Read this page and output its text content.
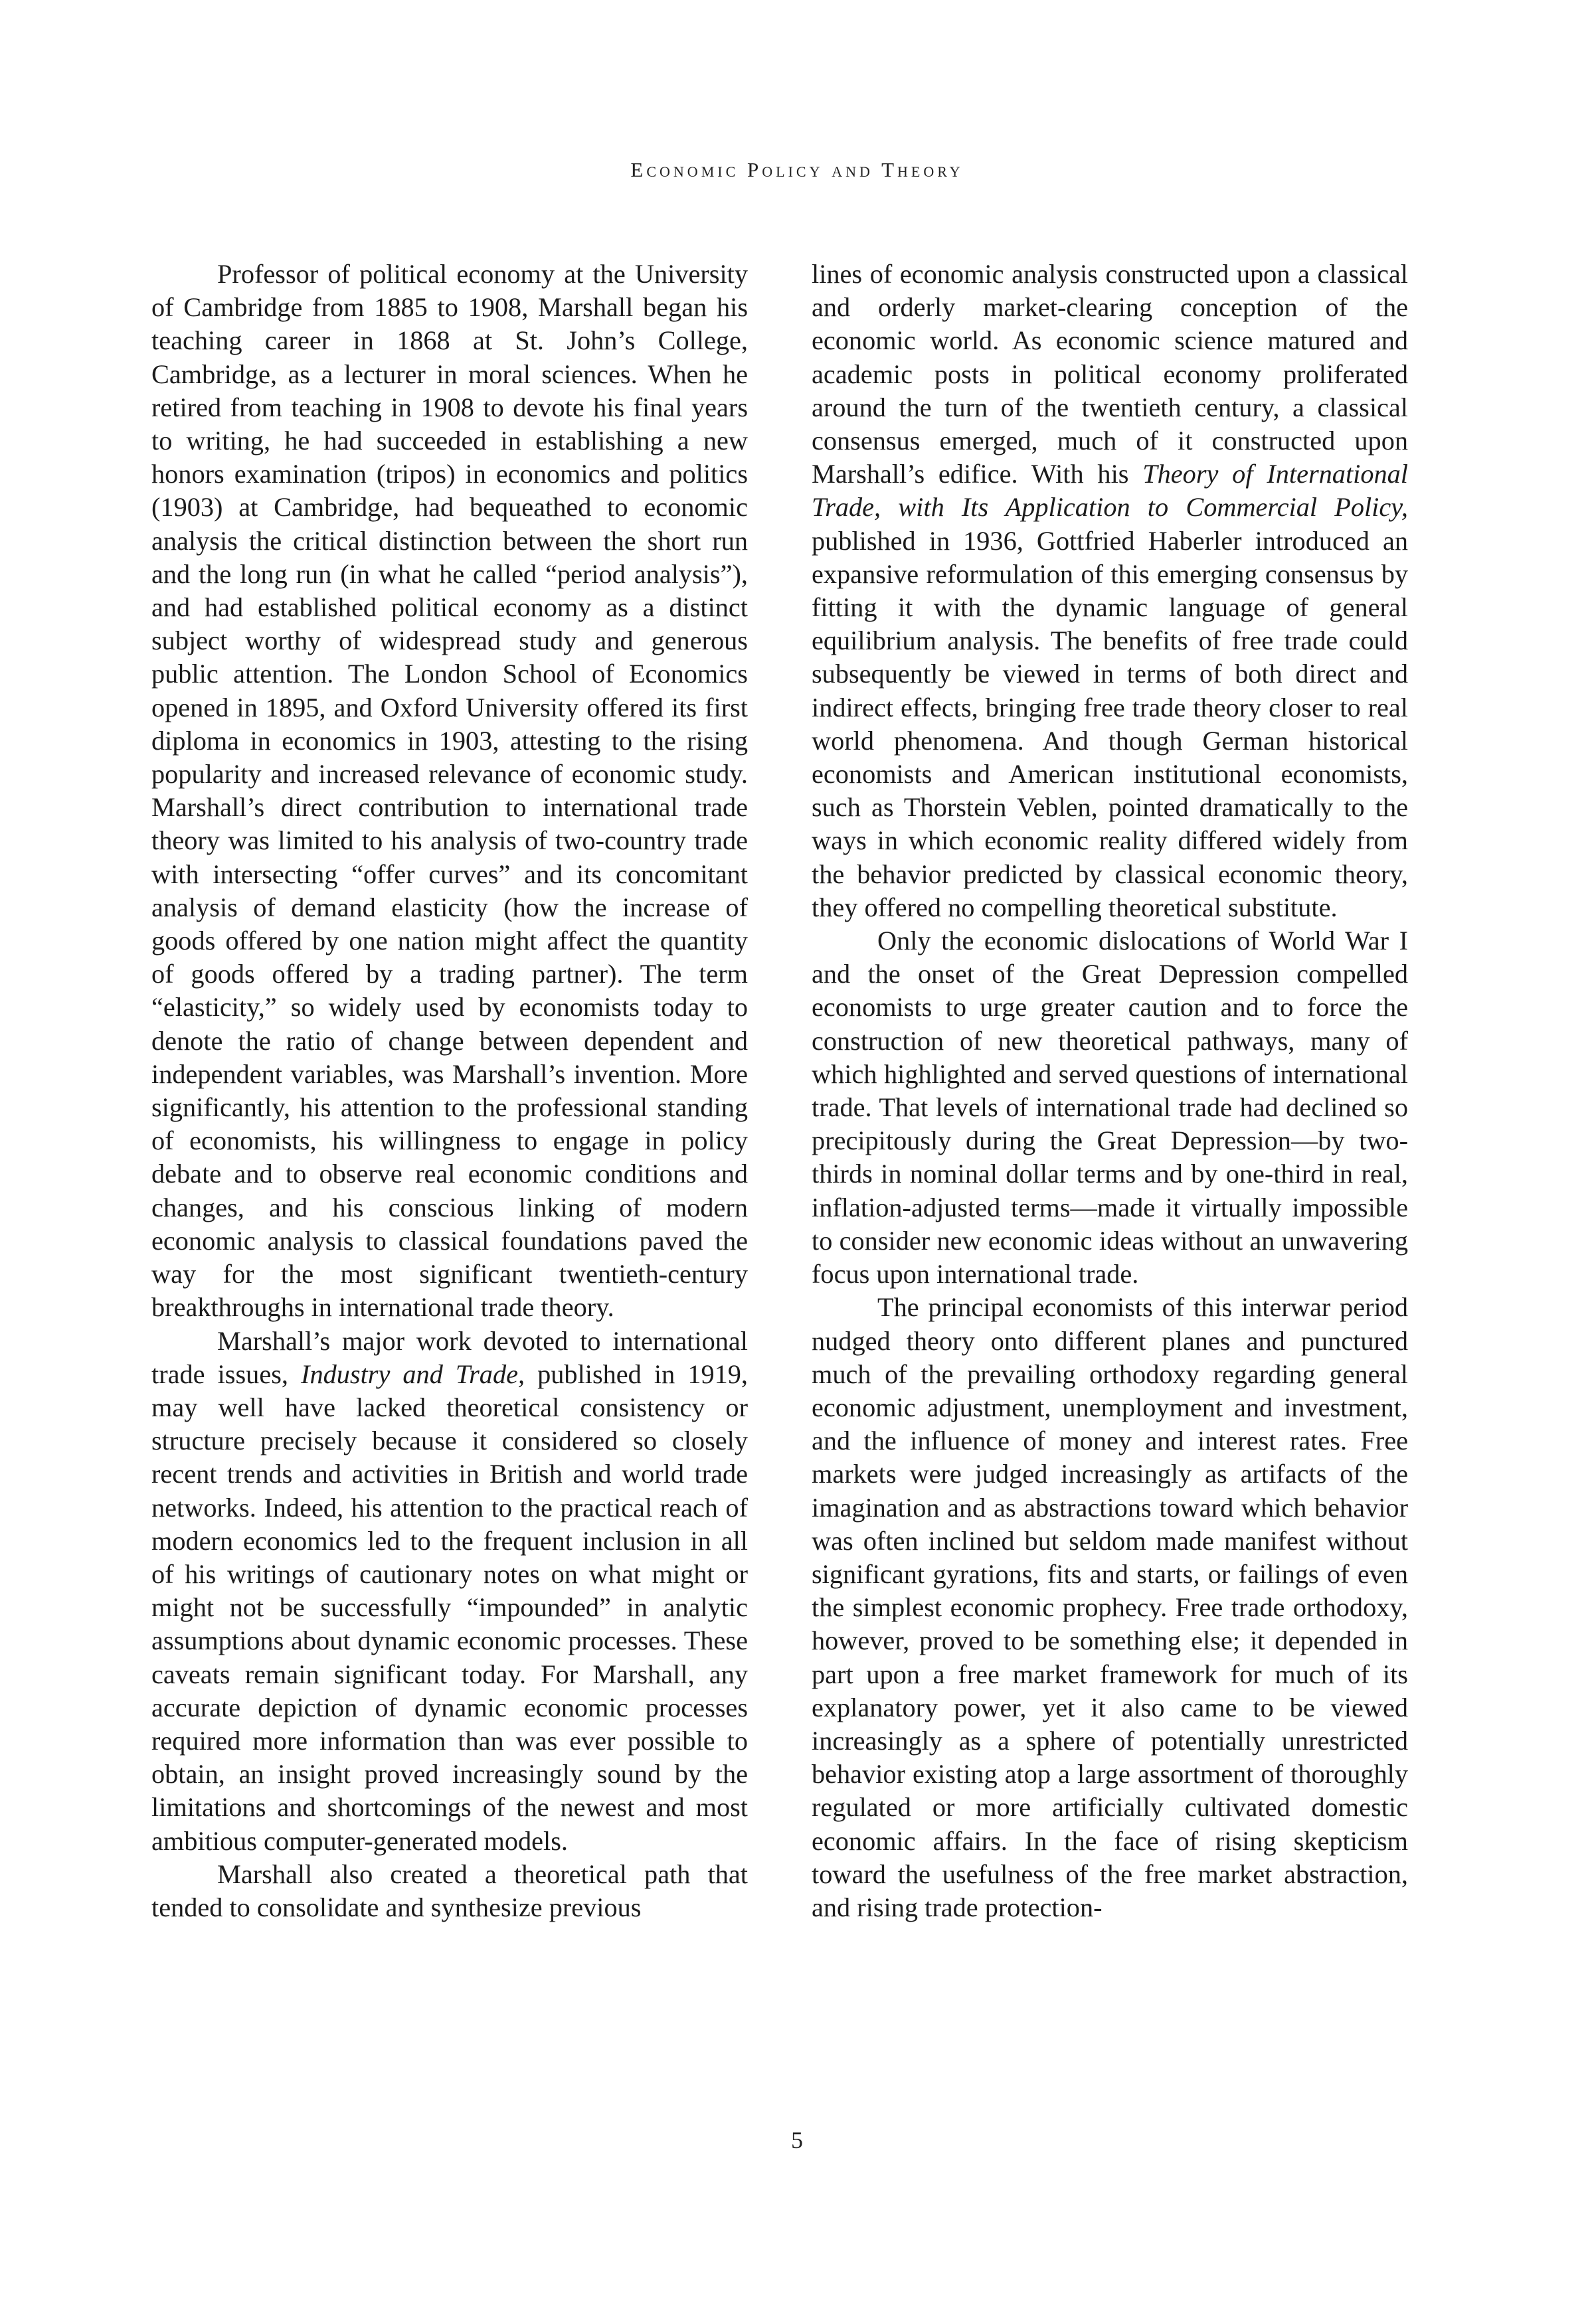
Economic Policy and Theory

Professor of political economy at the University of Cambridge from 1885 to 1908, Marshall began his teaching career in 1868 at St. John’s College, Cambridge, as a lecturer in moral sciences. When he retired from teaching in 1908 to devote his final years to writing, he had succeeded in establishing a new honors examination (tripos) in economics and politics (1903) at Cambridge, had bequeathed to economic analysis the critical distinction between the short run and the long run (in what he called “period analysis”), and had established political economy as a distinct subject worthy of widespread study and generous public attention. The London School of Economics opened in 1895, and Oxford University offered its first diploma in economics in 1903, attesting to the rising popularity and increased relevance of economic study. Marshall’s direct contribution to international trade theory was limited to his analysis of two-country trade with intersecting “offer curves” and its concomitant analysis of demand elasticity (how the increase of goods offered by one nation might affect the quantity of goods offered by a trading partner). The term “elasticity,” so widely used by economists today to denote the ratio of change between dependent and independent variables, was Marshall’s invention. More significantly, his attention to the professional standing of economists, his willingness to engage in policy debate and to observe real economic conditions and changes, and his conscious linking of modern economic analysis to classical foundations paved the way for the most significant twentieth-century breakthroughs in international trade theory.

Marshall’s major work devoted to international trade issues, Industry and Trade, published in 1919, may well have lacked theoretical consistency or structure precisely because it considered so closely recent trends and activities in British and world trade networks. Indeed, his attention to the practical reach of modern economics led to the frequent inclusion in all of his writings of cautionary notes on what might or might not be successfully “impounded” in analytic assumptions about dynamic economic processes. These caveats remain significant today. For Marshall, any accurate depiction of dynamic economic processes required more information than was ever possible to obtain, an insight proved increasingly sound by the limitations and shortcomings of the newest and most ambitious computer-generated models.

Marshall also created a theoretical path that tended to consolidate and synthesize previous

lines of economic analysis constructed upon a classical and orderly market-clearing conception of the economic world. As economic science matured and academic posts in political economy proliferated around the turn of the twentieth century, a classical consensus emerged, much of it constructed upon Marshall’s edifice. With his Theory of International Trade, with Its Application to Commercial Policy, published in 1936, Gottfried Haberler introduced an expansive reformulation of this emerging consensus by fitting it with the dynamic language of general equilibrium analysis. The benefits of free trade could subsequently be viewed in terms of both direct and indirect effects, bringing free trade theory closer to real world phenomena. And though German historical economists and American institutional economists, such as Thorstein Veblen, pointed dramatically to the ways in which economic reality differed widely from the behavior predicted by classical economic theory, they offered no compelling theoretical substitute.

Only the economic dislocations of World War I and the onset of the Great Depression compelled economists to urge greater caution and to force the construction of new theoretical pathways, many of which highlighted and served questions of international trade. That levels of international trade had declined so precipitously during the Great Depression—by two-thirds in nominal dollar terms and by one-third in real, inflation-adjusted terms—made it virtually impossible to consider new economic ideas without an unwavering focus upon international trade.

The principal economists of this interwar period nudged theory onto different planes and punctured much of the prevailing orthodoxy regarding general economic adjustment, unemployment and investment, and the influence of money and interest rates. Free markets were judged increasingly as artifacts of the imagination and as abstractions toward which behavior was often inclined but seldom made manifest without significant gyrations, fits and starts, or failings of even the simplest economic prophecy. Free trade orthodoxy, however, proved to be something else; it depended in part upon a free market framework for much of its explanatory power, yet it also came to be viewed increasingly as a sphere of potentially unrestricted behavior existing atop a large assortment of thoroughly regulated or more artificially cultivated domestic economic affairs. In the face of rising skepticism toward the usefulness of the free market abstraction, and rising trade protection-

5
